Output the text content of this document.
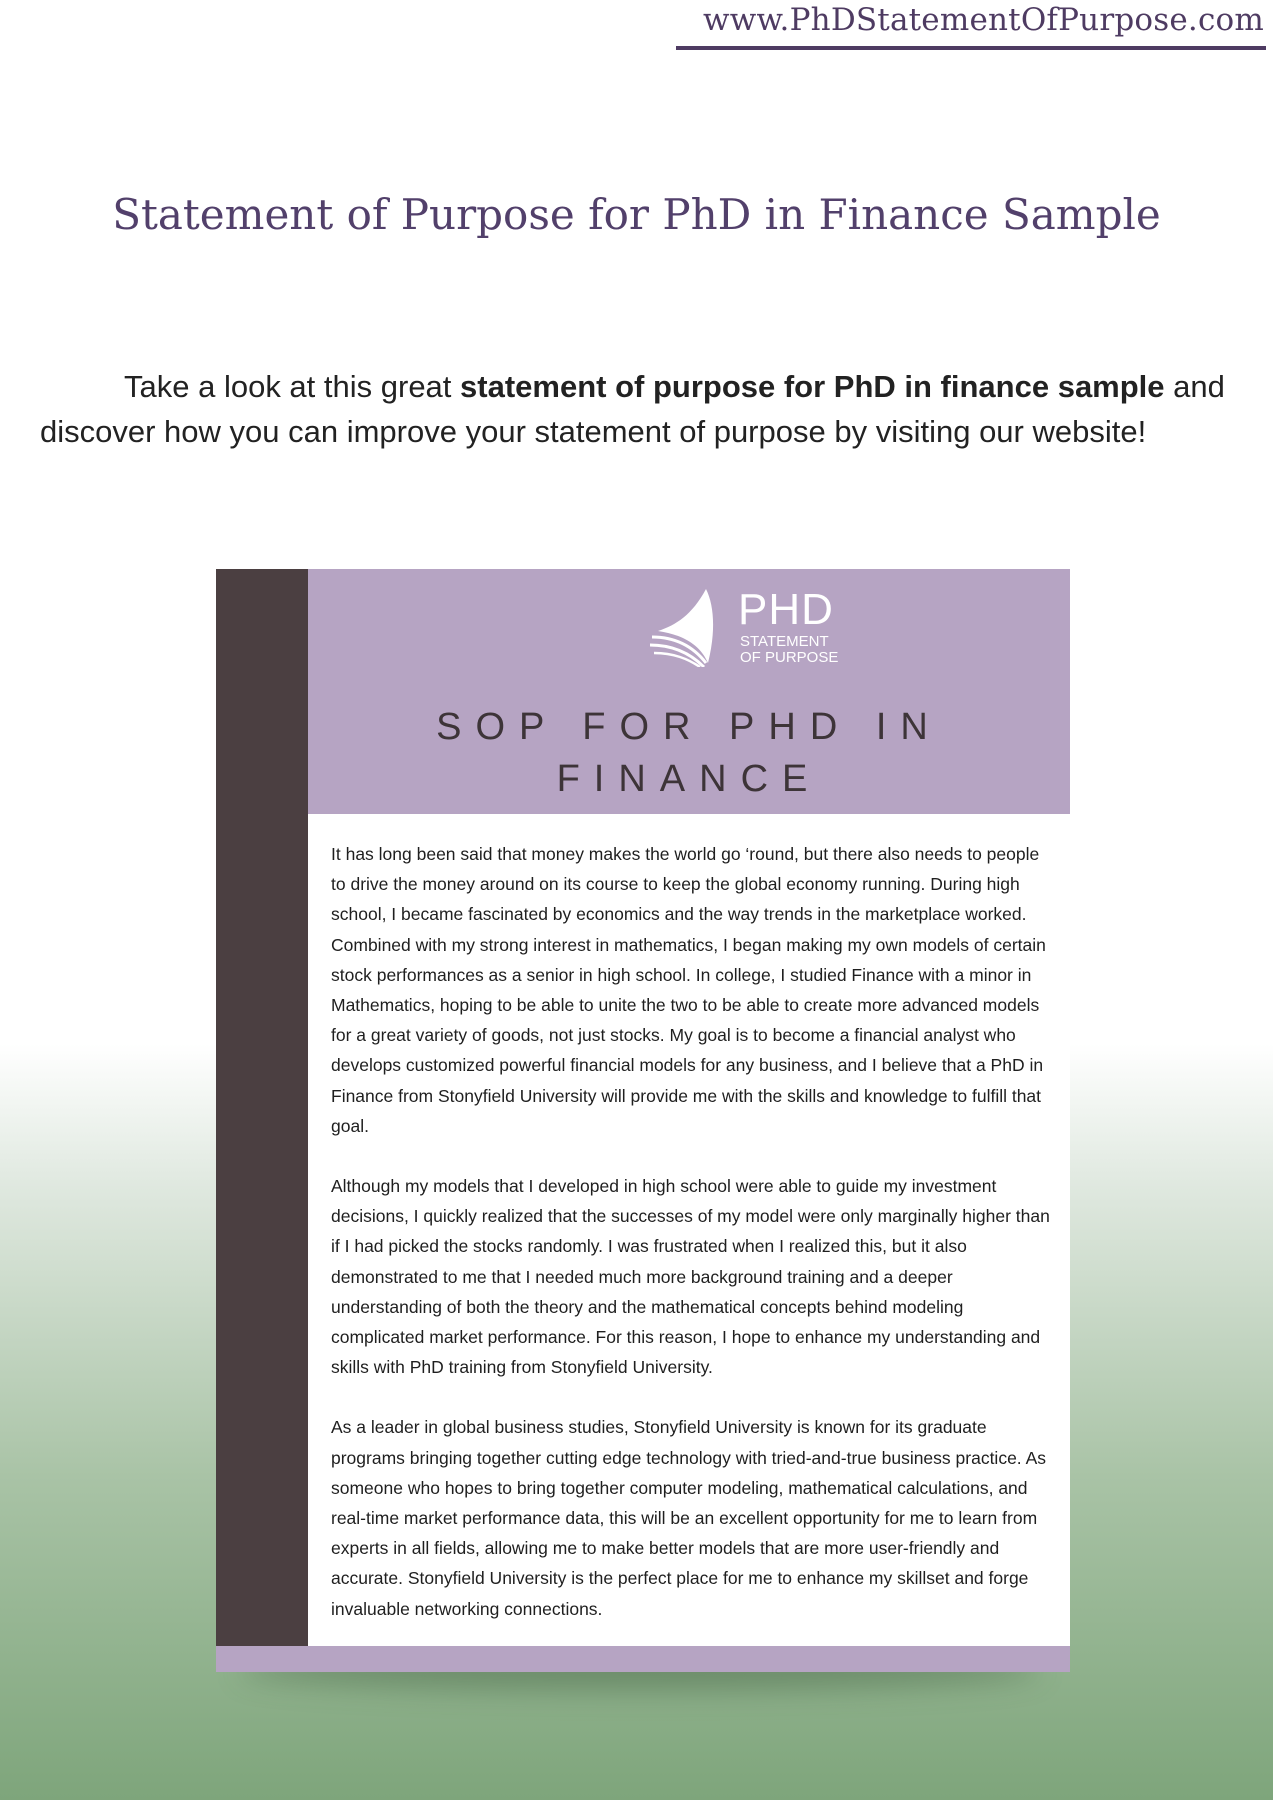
www.PhDStatementOfPurpose.com
Statement of Purpose for PhD in Finance Sample

Take a look at this great statement of purpose for PhD in finance sample and discover how you can improve your statement of purpose by visiting our website!

PHD
STATEMENT
OF PURPOSE
SOP FOR PHD IN
FINANCE

It has long been said that money makes the world go ‘round, but there also needs to people to drive the money around on its course to keep the global economy running. During high school, I became fascinated by economics and the way trends in the marketplace worked. Combined with my strong interest in mathematics, I began making my own models of certain stock performances as a senior in high school. In college, I studied Finance with a minor in Mathematics, hoping to be able to unite the two to be able to create more advanced models for a great variety of goods, not just stocks. My goal is to become a financial analyst who develops customized powerful financial models for any business, and I believe that a PhD in Finance from Stonyfield University will provide me with the skills and knowledge to fulfill that goal.

Although my models that I developed in high school were able to guide my investment decisions, I quickly realized that the successes of my model were only marginally higher than if I had picked the stocks randomly. I was frustrated when I realized this, but it also demonstrated to me that I needed much more background training and a deeper understanding of both the theory and the mathematical concepts behind modeling complicated market performance. For this reason, I hope to enhance my understanding and skills with PhD training from Stonyfield University.

As a leader in global business studies, Stonyfield University is known for its graduate programs bringing together cutting edge technology with tried-and-true business practice. As someone who hopes to bring together computer modeling, mathematical calculations, and real-time market performance data, this will be an excellent opportunity for me to learn from experts in all fields, allowing me to make better models that are more user-friendly and accurate. Stonyfield University is the perfect place for me to enhance my skillset and forge invaluable networking connections.
